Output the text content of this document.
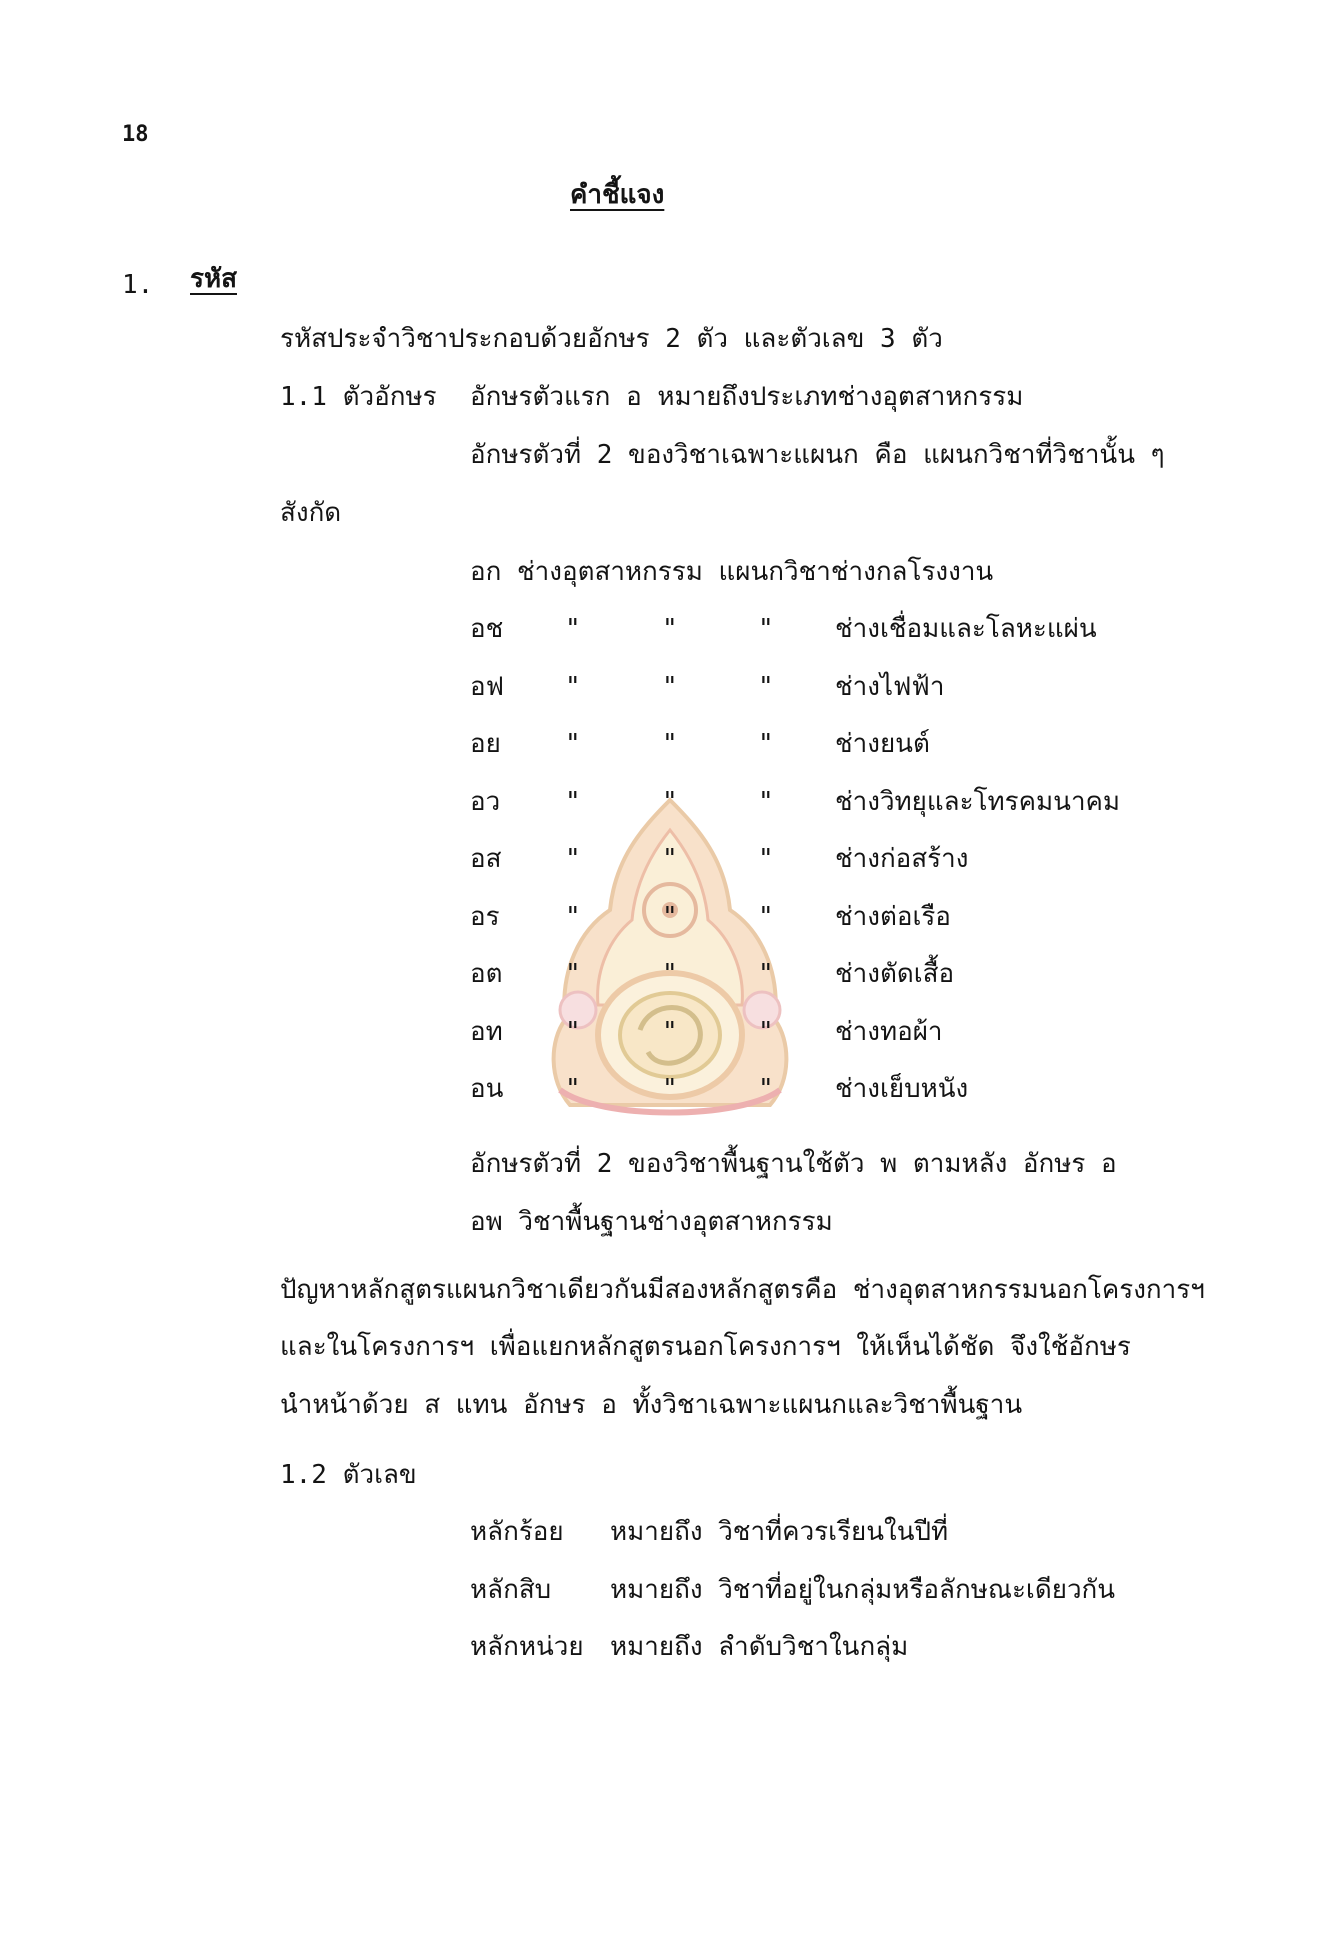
18
คำชี้แจง
1. รหัส
รหัสประจำวิชาประกอบด้วยอักษร 2 ตัว และตัวเลข 3 ตัว
1.1 ตัวอักษร อักษรตัวแรก อ หมายถึงประเภทช่างอุตสาหกรรม
อักษรตัวที่ 2 ของวิชาเฉพาะแผนก คือ แผนกวิชาที่วิชานั้น ๆ
สังกัด
อก ช่างอุตสาหกรรม แผนกวิชาช่างกลโรงงาน
อช "	"	" ช่างเชื่อมและโลหะแผ่น
อฟ "	"	" ช่างไฟฟ้า
อย "	"	" ช่างยนต์
อว "	"	" ช่างวิทยุและโทรคมนาคม
อส "	"	" ช่างก่อสร้าง
อร	"	"	" ช่างต่อเรือ
อต "	"	" ช่างตัดเสื้อ
อท "	"	" ช่างทอผ้า
อน "	"	" ช่างเย็บหนัง
อักษรตัวที่ 2 ของวิชาพื้นฐานใช้ตัว พ ตามหลัง อักษร อ
อพ วิชาพื้นฐานช่างอุตสาหกรรม
ปัญหาหลักสูตรแผนกวิชาเดียวกันมีสองหลักสูตรคือ ช่างอุตสาหกรรมนอกโครงการฯ
และในโครงการฯ เพื่อแยกหลักสูตรนอกโครงการฯ ให้เห็นได้ชัด จึงใช้อักษร
นำหน้าด้วย ส แทน อักษร อ ทั้งวิชาเฉพาะแผนกและวิชาพื้นฐาน
1.2 ตัวเลข
หลักร้อย หมายถึง วิชาที่ควรเรียนในปีที่
หลักสิบ หมายถึง วิชาที่อยู่ในกลุ่มหรือลักษณะเดียวกัน
หลักหน่วย หมายถึง ลำดับวิชาในกลุ่ม
